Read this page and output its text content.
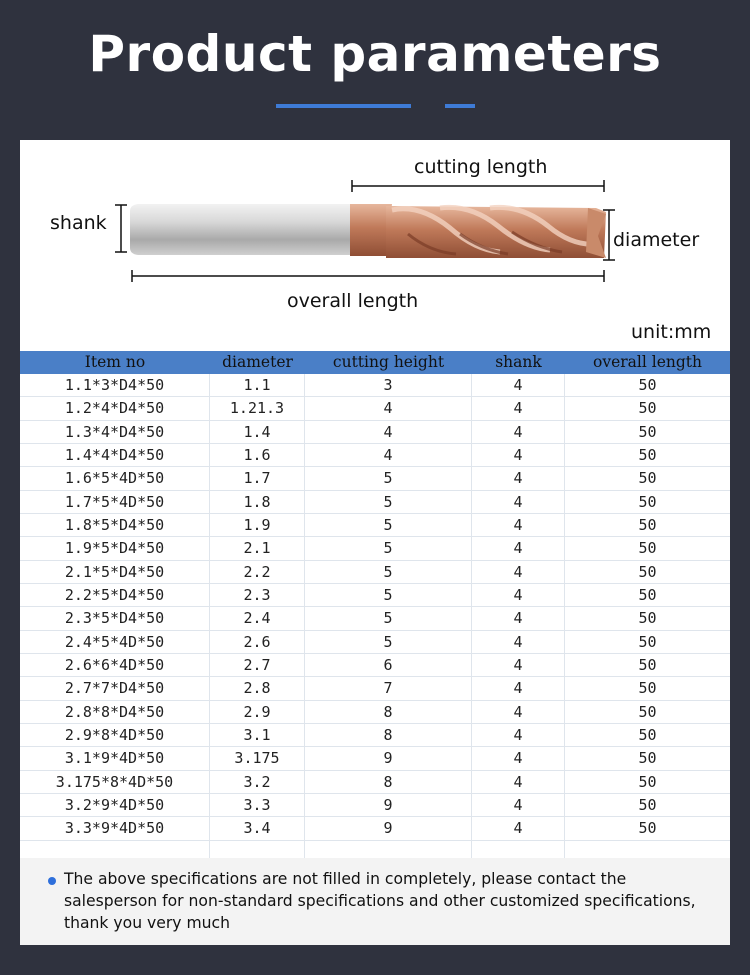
Product parameters
cutting length
shank
diameter
overall length
unit:mm
Item no	diameter	cutting height	shank	overall length
1.1*3*D4*50	1.1	3	4	50
1.2*4*D4*50	1.21.3	4	4	50
1.3*4*D4*50	1.4	4	4	50
1.4*4*D4*50	1.6	4	4	50
1.6*5*4D*50	1.7	5	4	50
1.7*5*4D*50	1.8	5	4	50
1.8*5*D4*50	1.9	5	4	50
1.9*5*D4*50	2.1	5	4	50
2.1*5*D4*50	2.2	5	4	50
2.2*5*D4*50	2.3	5	4	50
2.3*5*D4*50	2.4	5	4	50
2.4*5*4D*50	2.6	5	4	50
2.6*6*4D*50	2.7	6	4	50
2.7*7*D4*50	2.8	7	4	50
2.8*8*D4*50	2.9	8	4	50
2.9*8*4D*50	3.1	8	4	50
3.1*9*4D*50	3.175	9	4	50
3.175*8*4D*50	3.2	8	4	50
3.2*9*4D*50	3.3	9	4	50
3.3*9*4D*50	3.4	9	4	50
The above specifications are not filled in completely, please contact the salesperson for non-standard specifications and other customized specifications, thank you very much
